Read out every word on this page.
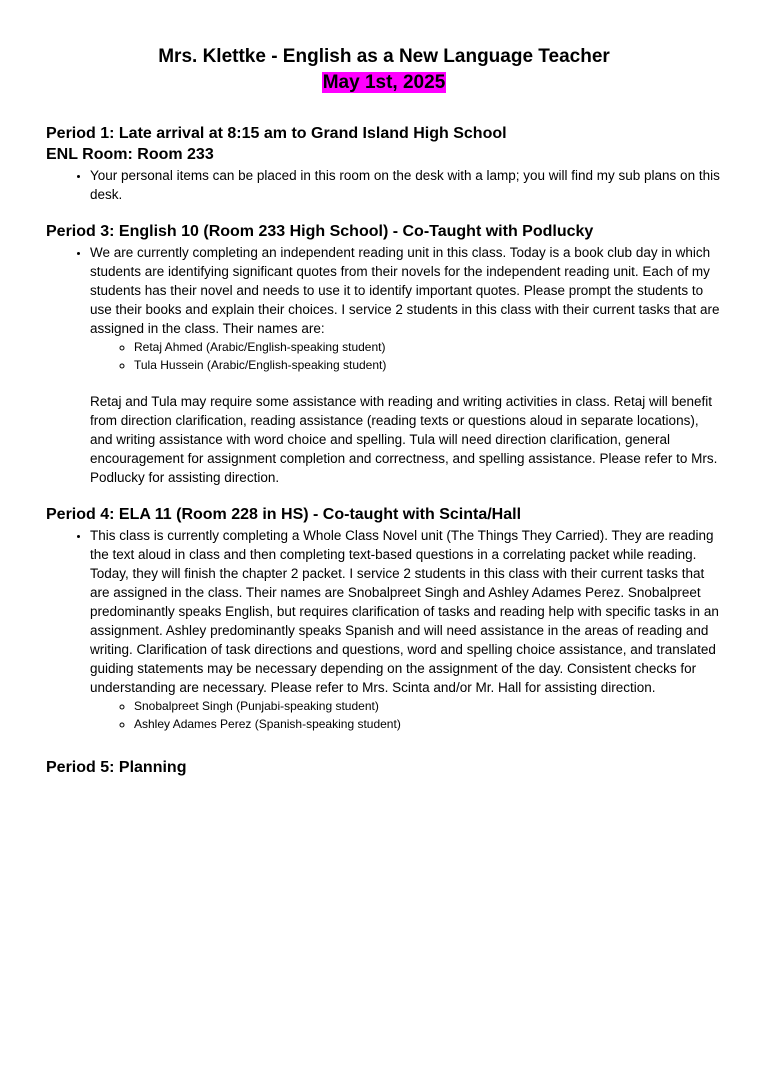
Mrs. Klettke - English as a New Language Teacher
May 1st, 2025
Period 1: Late arrival at 8:15 am to Grand Island High School
ENL Room: Room 233
• Your personal items can be placed in this room on the desk with a lamp; you will find my sub plans on this desk.
Period 3: English 10 (Room 233 High School) - Co-Taught with Podlucky
• We are currently completing an independent reading unit in this class. Today is a book club day in which students are identifying significant quotes from their novels for the independent reading unit. Each of my students has their novel and needs to use it to identify important quotes. Please prompt the students to use their books and explain their choices. I service 2 students in this class with their current tasks that are assigned in the class. Their names are:
◦ Retaj Ahmed (Arabic/English-speaking student)
◦ Tula Hussein (Arabic/English-speaking student)
Retaj and Tula may require some assistance with reading and writing activities in class. Retaj will benefit from direction clarification, reading assistance (reading texts or questions aloud in separate locations), and writing assistance with word choice and spelling. Tula will need direction clarification, general encouragement for assignment completion and correctness, and spelling assistance. Please refer to Mrs. Podlucky for assisting direction.
Period 4: ELA 11 (Room 228 in HS) - Co-taught with Scinta/Hall
• This class is currently completing a Whole Class Novel unit (The Things They Carried). They are reading the text aloud in class and then completing text-based questions in a correlating packet while reading. Today, they will finish the chapter 2 packet. I service 2 students in this class with their current tasks that are assigned in the class. Their names are Snobalpreet Singh and Ashley Adames Perez. Snobalpreet predominantly speaks English, but requires clarification of tasks and reading help with specific tasks in an assignment. Ashley predominantly speaks Spanish and will need assistance in the areas of reading and writing. Clarification of task directions and questions, word and spelling choice assistance, and translated guiding statements may be necessary depending on the assignment of the day. Consistent checks for understanding are necessary. Please refer to Mrs. Scinta and/or Mr. Hall for assisting direction.
◦ Snobalpreet Singh (Punjabi-speaking student)
◦ Ashley Adames Perez (Spanish-speaking student)
Period 5: Planning
